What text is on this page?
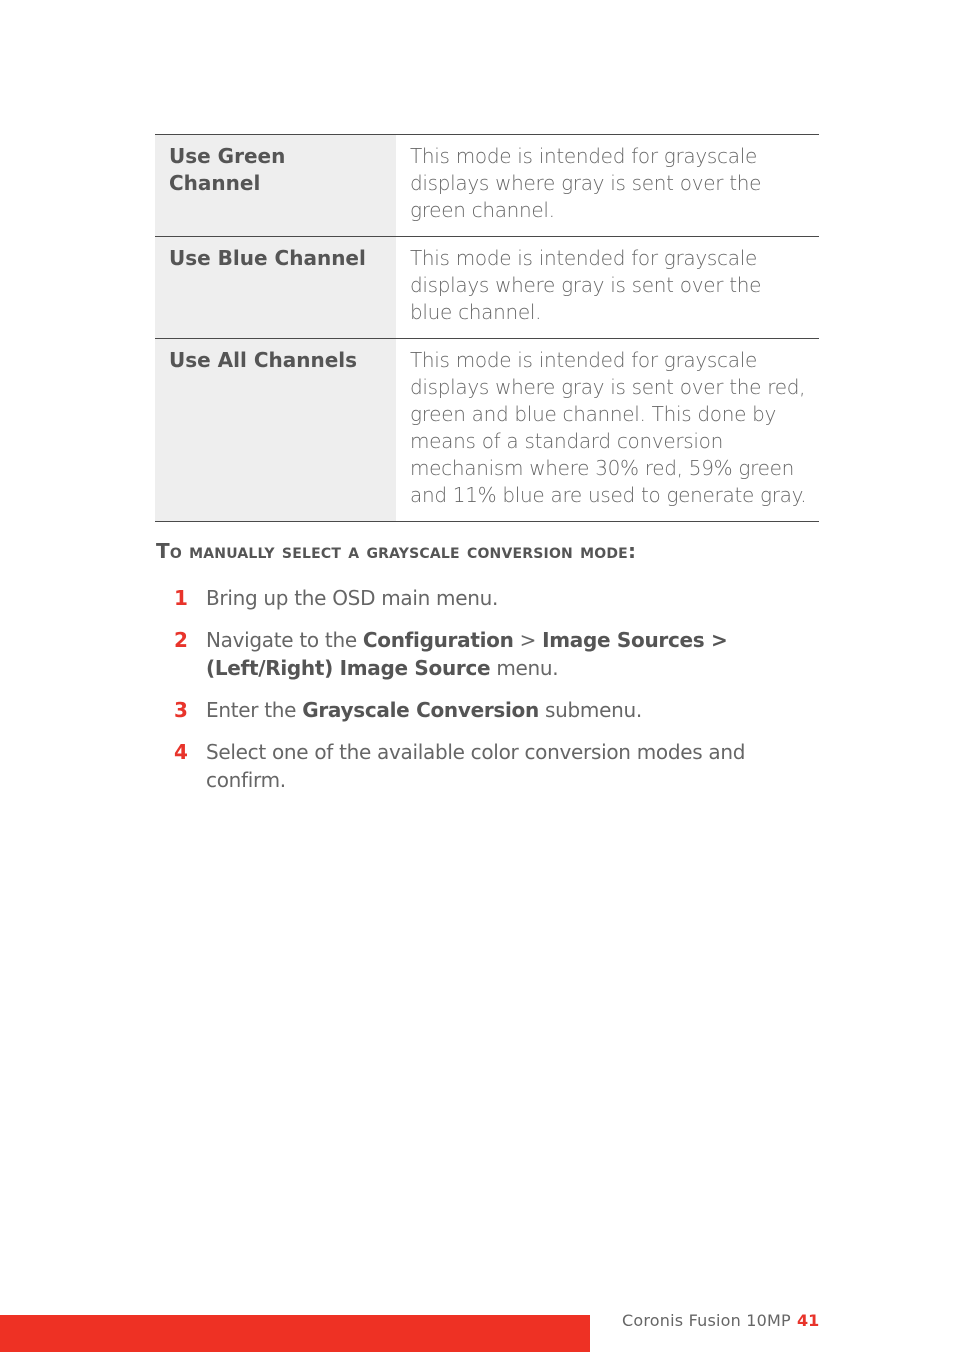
Use Green Channel	This mode is intended for grayscale displays where gray is sent over the green channel.
Use Blue Channel	This mode is intended for grayscale displays where gray is sent over the blue channel.
Use All Channels	This mode is intended for grayscale displays where gray is sent over the red, green and blue channel. This done by means of a standard conversion mechanism where 30% red, 59% green and 11% blue are used to generate gray.
To manually select a grayscale conversion mode:
1 Bring up the OSD main menu.
2 Navigate to the Configuration > Image Sources > (Left/Right) Image Source menu.
3 Enter the Grayscale Conversion submenu.
4 Select one of the available color conversion modes and confirm.
Coronis Fusion 10MP 41
